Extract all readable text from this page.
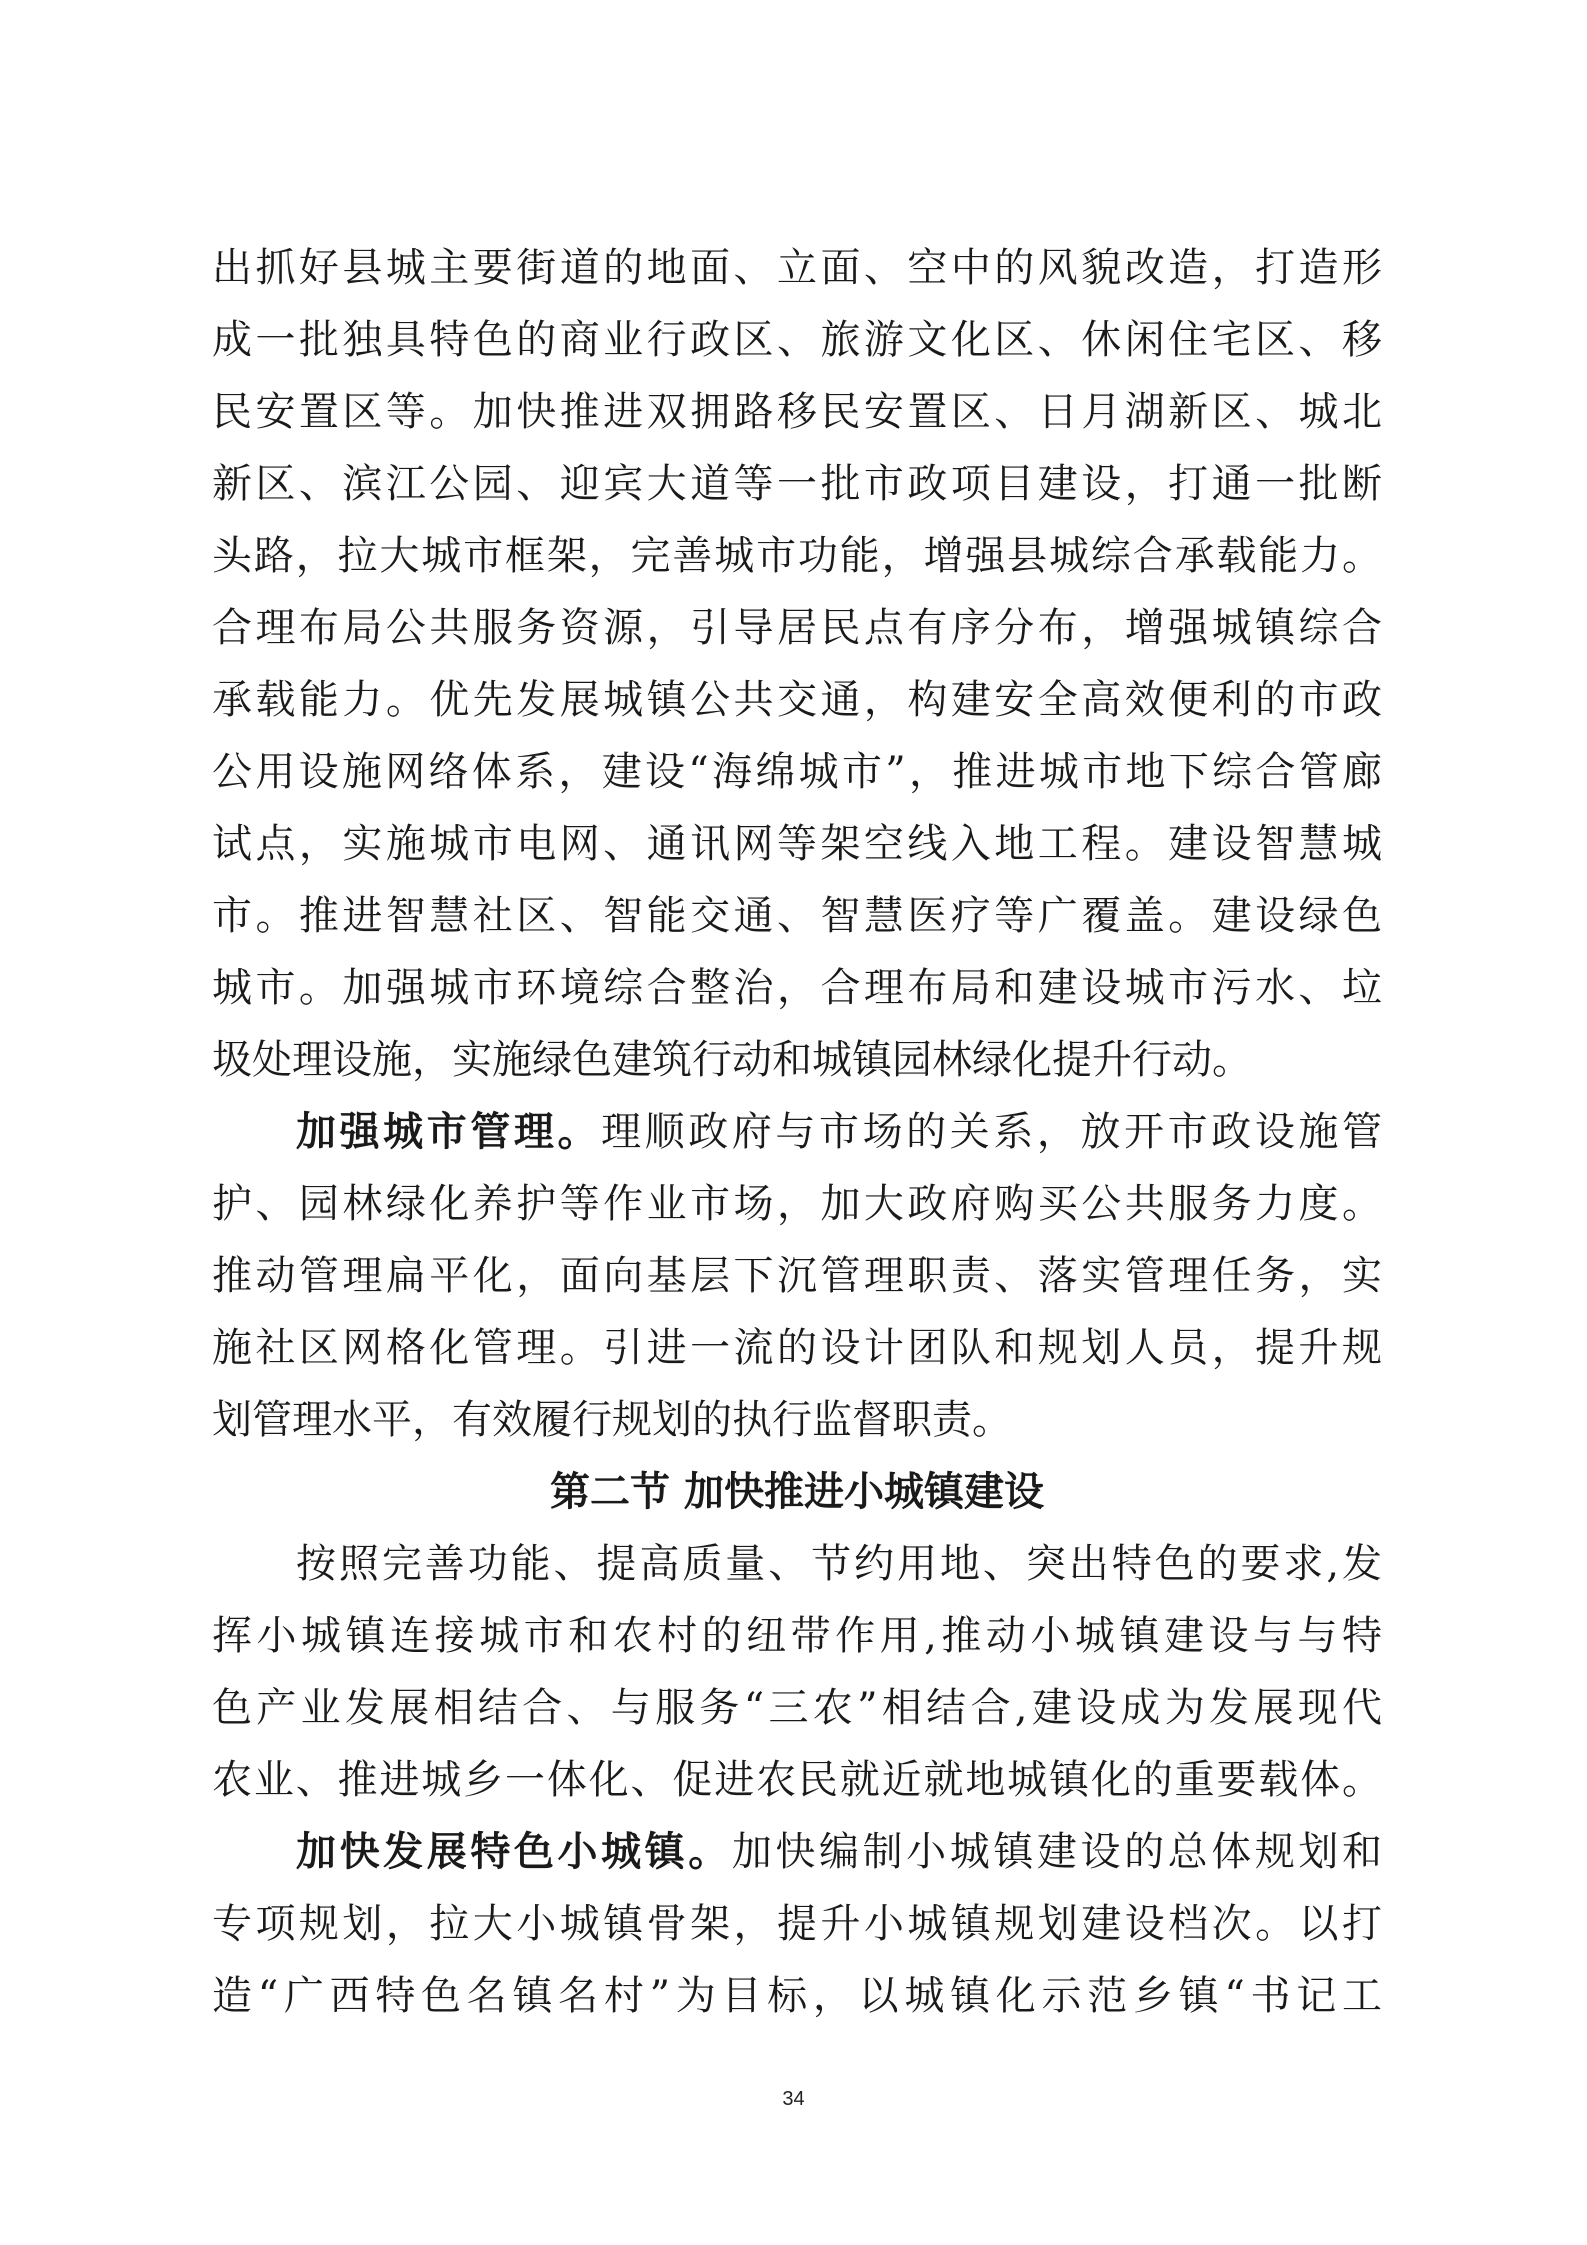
出抓好县城主要街道的地面、立面、空中的风貌改造，打造形
成一批独具特色的商业行政区、旅游文化区、休闲住宅区、移
民安置区等。加快推进双拥路移民安置区、日月湖新区、城北
新区、滨江公园、迎宾大道等一批市政项目建设，打通一批断
头路，拉大城市框架，完善城市功能，增强县城综合承载能力。
合理布局公共服务资源，引导居民点有序分布，增强城镇综合
承载能力。优先发展城镇公共交通，构建安全高效便利的市政
公用设施网络体系，建设“海绵城市”，推进城市地下综合管廊
试点，实施城市电网、通讯网等架空线入地工程。建设智慧城
市。推进智慧社区、智能交通、智慧医疗等广覆盖。建设绿色
城市。加强城市环境综合整治，合理布局和建设城市污水、垃
圾处理设施，实施绿色建筑行动和城镇园林绿化提升行动。
加强城市管理。理顺政府与市场的关系，放开市政设施管
护、园林绿化养护等作业市场，加大政府购买公共服务力度。
推动管理扁平化，面向基层下沉管理职责、落实管理任务，实
施社区网格化管理。引进一流的设计团队和规划人员，提升规
划管理水平，有效履行规划的执行监督职责。
第二节 加快推进小城镇建设
按照完善功能、提高质量、节约用地、突出特色的要求,发
挥小城镇连接城市和农村的纽带作用,推动小城镇建设与与特
色产业发展相结合、与服务“三农”相结合,建设成为发展现代
农业、推进城乡一体化、促进农民就近就地城镇化的重要载体。
加快发展特色小城镇。加快编制小城镇建设的总体规划和
专项规划，拉大小城镇骨架，提升小城镇规划建设档次。以打
造“广西特色名镇名村”为目标，以城镇化示范乡镇“书记工
34
